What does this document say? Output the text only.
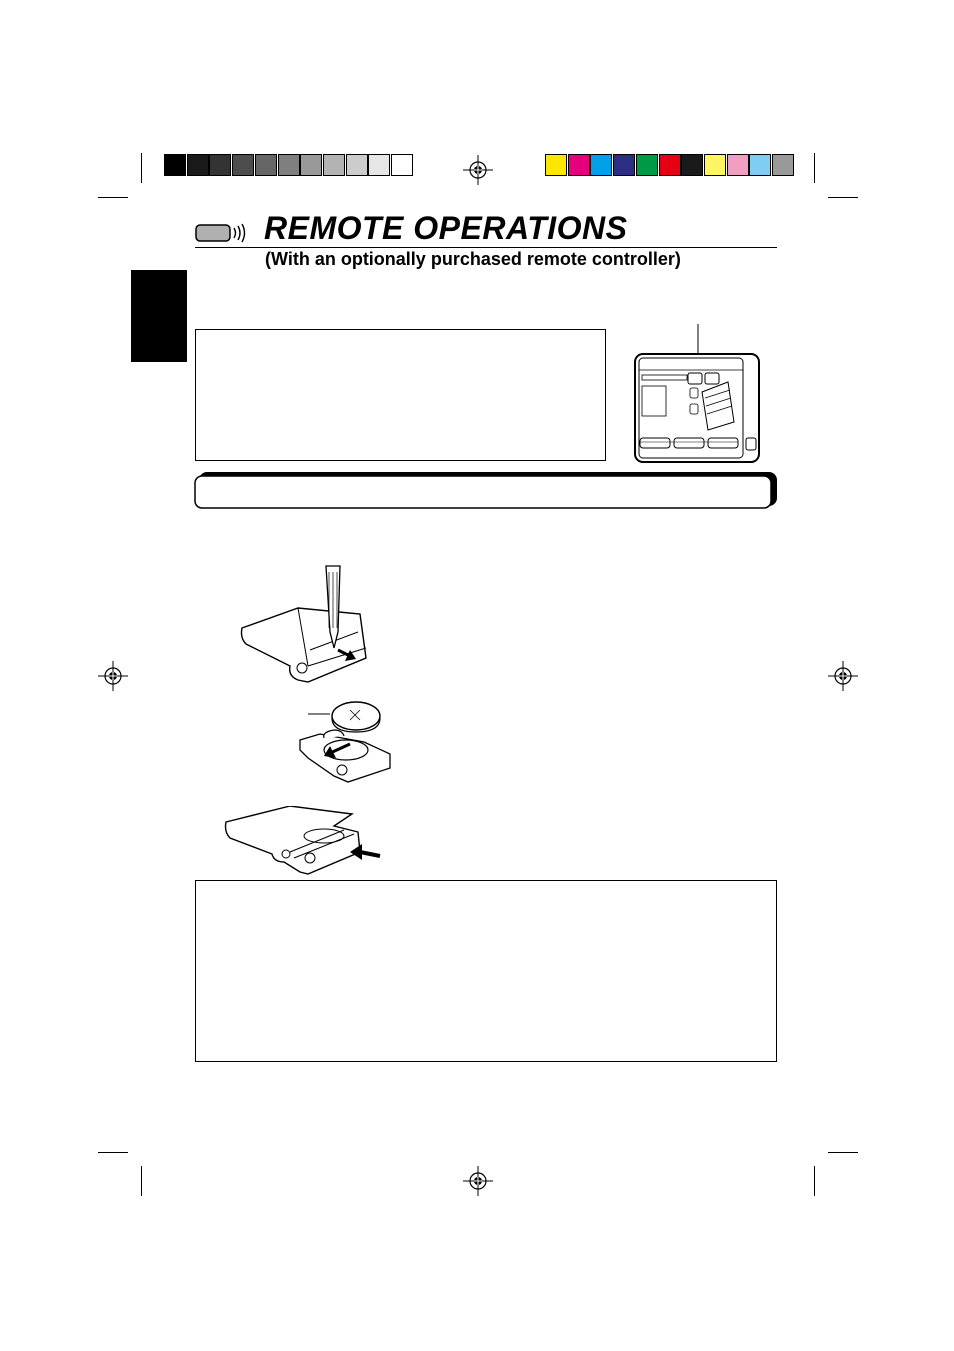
REMOTE OPERATIONS
(With an optionally purchased remote controller)
